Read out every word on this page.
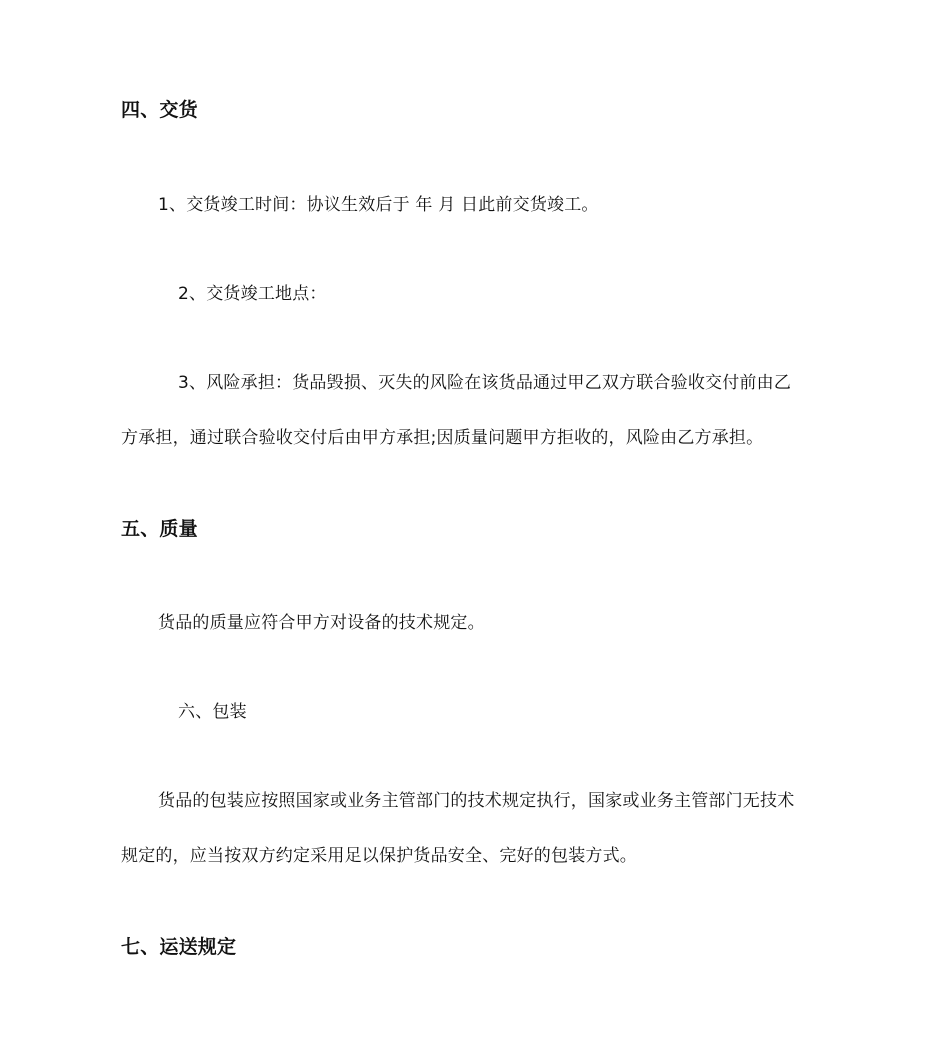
四、交货
1、交货竣工时间：协议生效后于 年 月 日此前交货竣工。
2、交货竣工地点：
3、风险承担：货品毁损、灭失的风险在该货品通过甲乙双方联合验收交付前由乙
方承担，通过联合验收交付后由甲方承担;因质量问题甲方拒收的，风险由乙方承担。
五、质量
货品的质量应符合甲方对设备的技术规定。
六、包装
货品的包装应按照国家或业务主管部门的技术规定执行，国家或业务主管部门无技术
规定的，应当按双方约定采用足以保护货品安全、完好的包装方式。
七、运送规定
